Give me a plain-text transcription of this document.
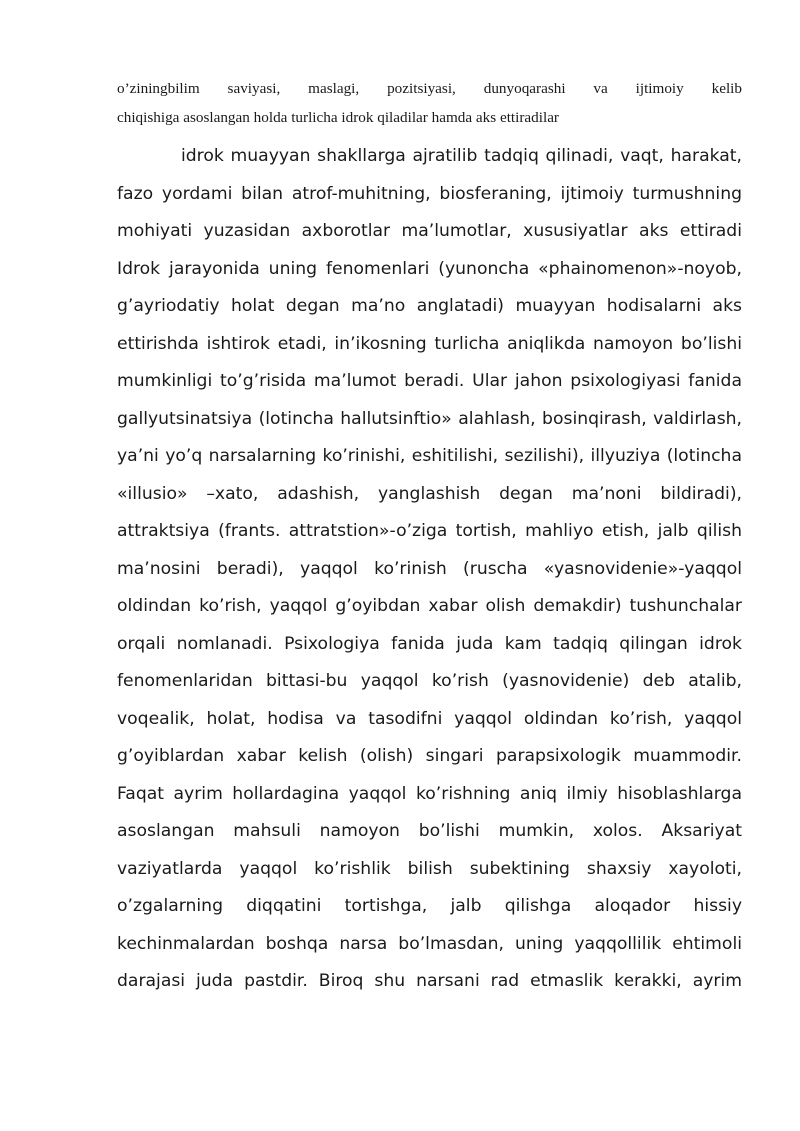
o’ziningbilim saviyasi, maslagi, pozitsiyasi, dunyoqarashi va ijtimoiy kelib
chiqishiga asoslangan holda turlicha idrok qiladilar hamda aks ettiradilar
idrok muayyan shakllarga ajratilib tadqiq qilinadi, vaqt, harakat,
fazo yordami bilan atrof-muhitning, biosferaning, ijtimoiy turmushning
mohiyati yuzasidan axborotlar ma’lumotlar, xususiyatlar aks ettiradi
Idrok jarayonida uning fenomenlari (yunoncha «phainomenon»-noyob,
g’ayriodatiy holat degan ma’no anglatadi) muayyan hodisalarni aks
ettirishda ishtirok etadi, in’ikosning turlicha aniqlikda namoyon bo’lishi
mumkinligi to’g’risida ma’lumot beradi. Ular jahon psixologiyasi fanida
gallyutsinatsiya (lotincha hallutsinftio» alahlash, bosinqirash, valdirlash,
ya’ni yo’q narsalarning ko’rinishi, eshitilishi, sezilishi), illyuziya (lotincha
«illusio» –xato, adashish, yanglashish degan ma’noni bildiradi),
attraktsiya (frants. attratstion»-o’ziga tortish, mahliyo etish, jalb qilish
ma’nosini beradi), yaqqol ko’rinish (ruscha «yasnovidenie»-yaqqol
oldindan ko’rish, yaqqol g’oyibdan xabar olish demakdir) tushunchalar
orqali nomlanadi. Psixologiya fanida juda kam tadqiq qilingan idrok
fenomenlaridan bittasi-bu yaqqol ko’rish (yasnovidenie) deb atalib,
voqealik, holat, hodisa va tasodifni yaqqol oldindan ko’rish, yaqqol
g’oyiblardan xabar kelish (olish) singari parapsixologik muammodir.
Faqat ayrim hollardagina yaqqol ko’rishning aniq ilmiy hisoblashlarga
asoslangan mahsuli namoyon bo’lishi mumkin, xolos. Aksariyat
vaziyatlarda yaqqol ko’rishlik bilish subektining shaxsiy xayoloti,
o’zgalarning diqqatini tortishga, jalb qilishga aloqador hissiy
kechinmalardan boshqa narsa bo’lmasdan, uning yaqqollilik ehtimoli
darajasi juda pastdir. Biroq shu narsani rad etmaslik kerakki, ayrim
